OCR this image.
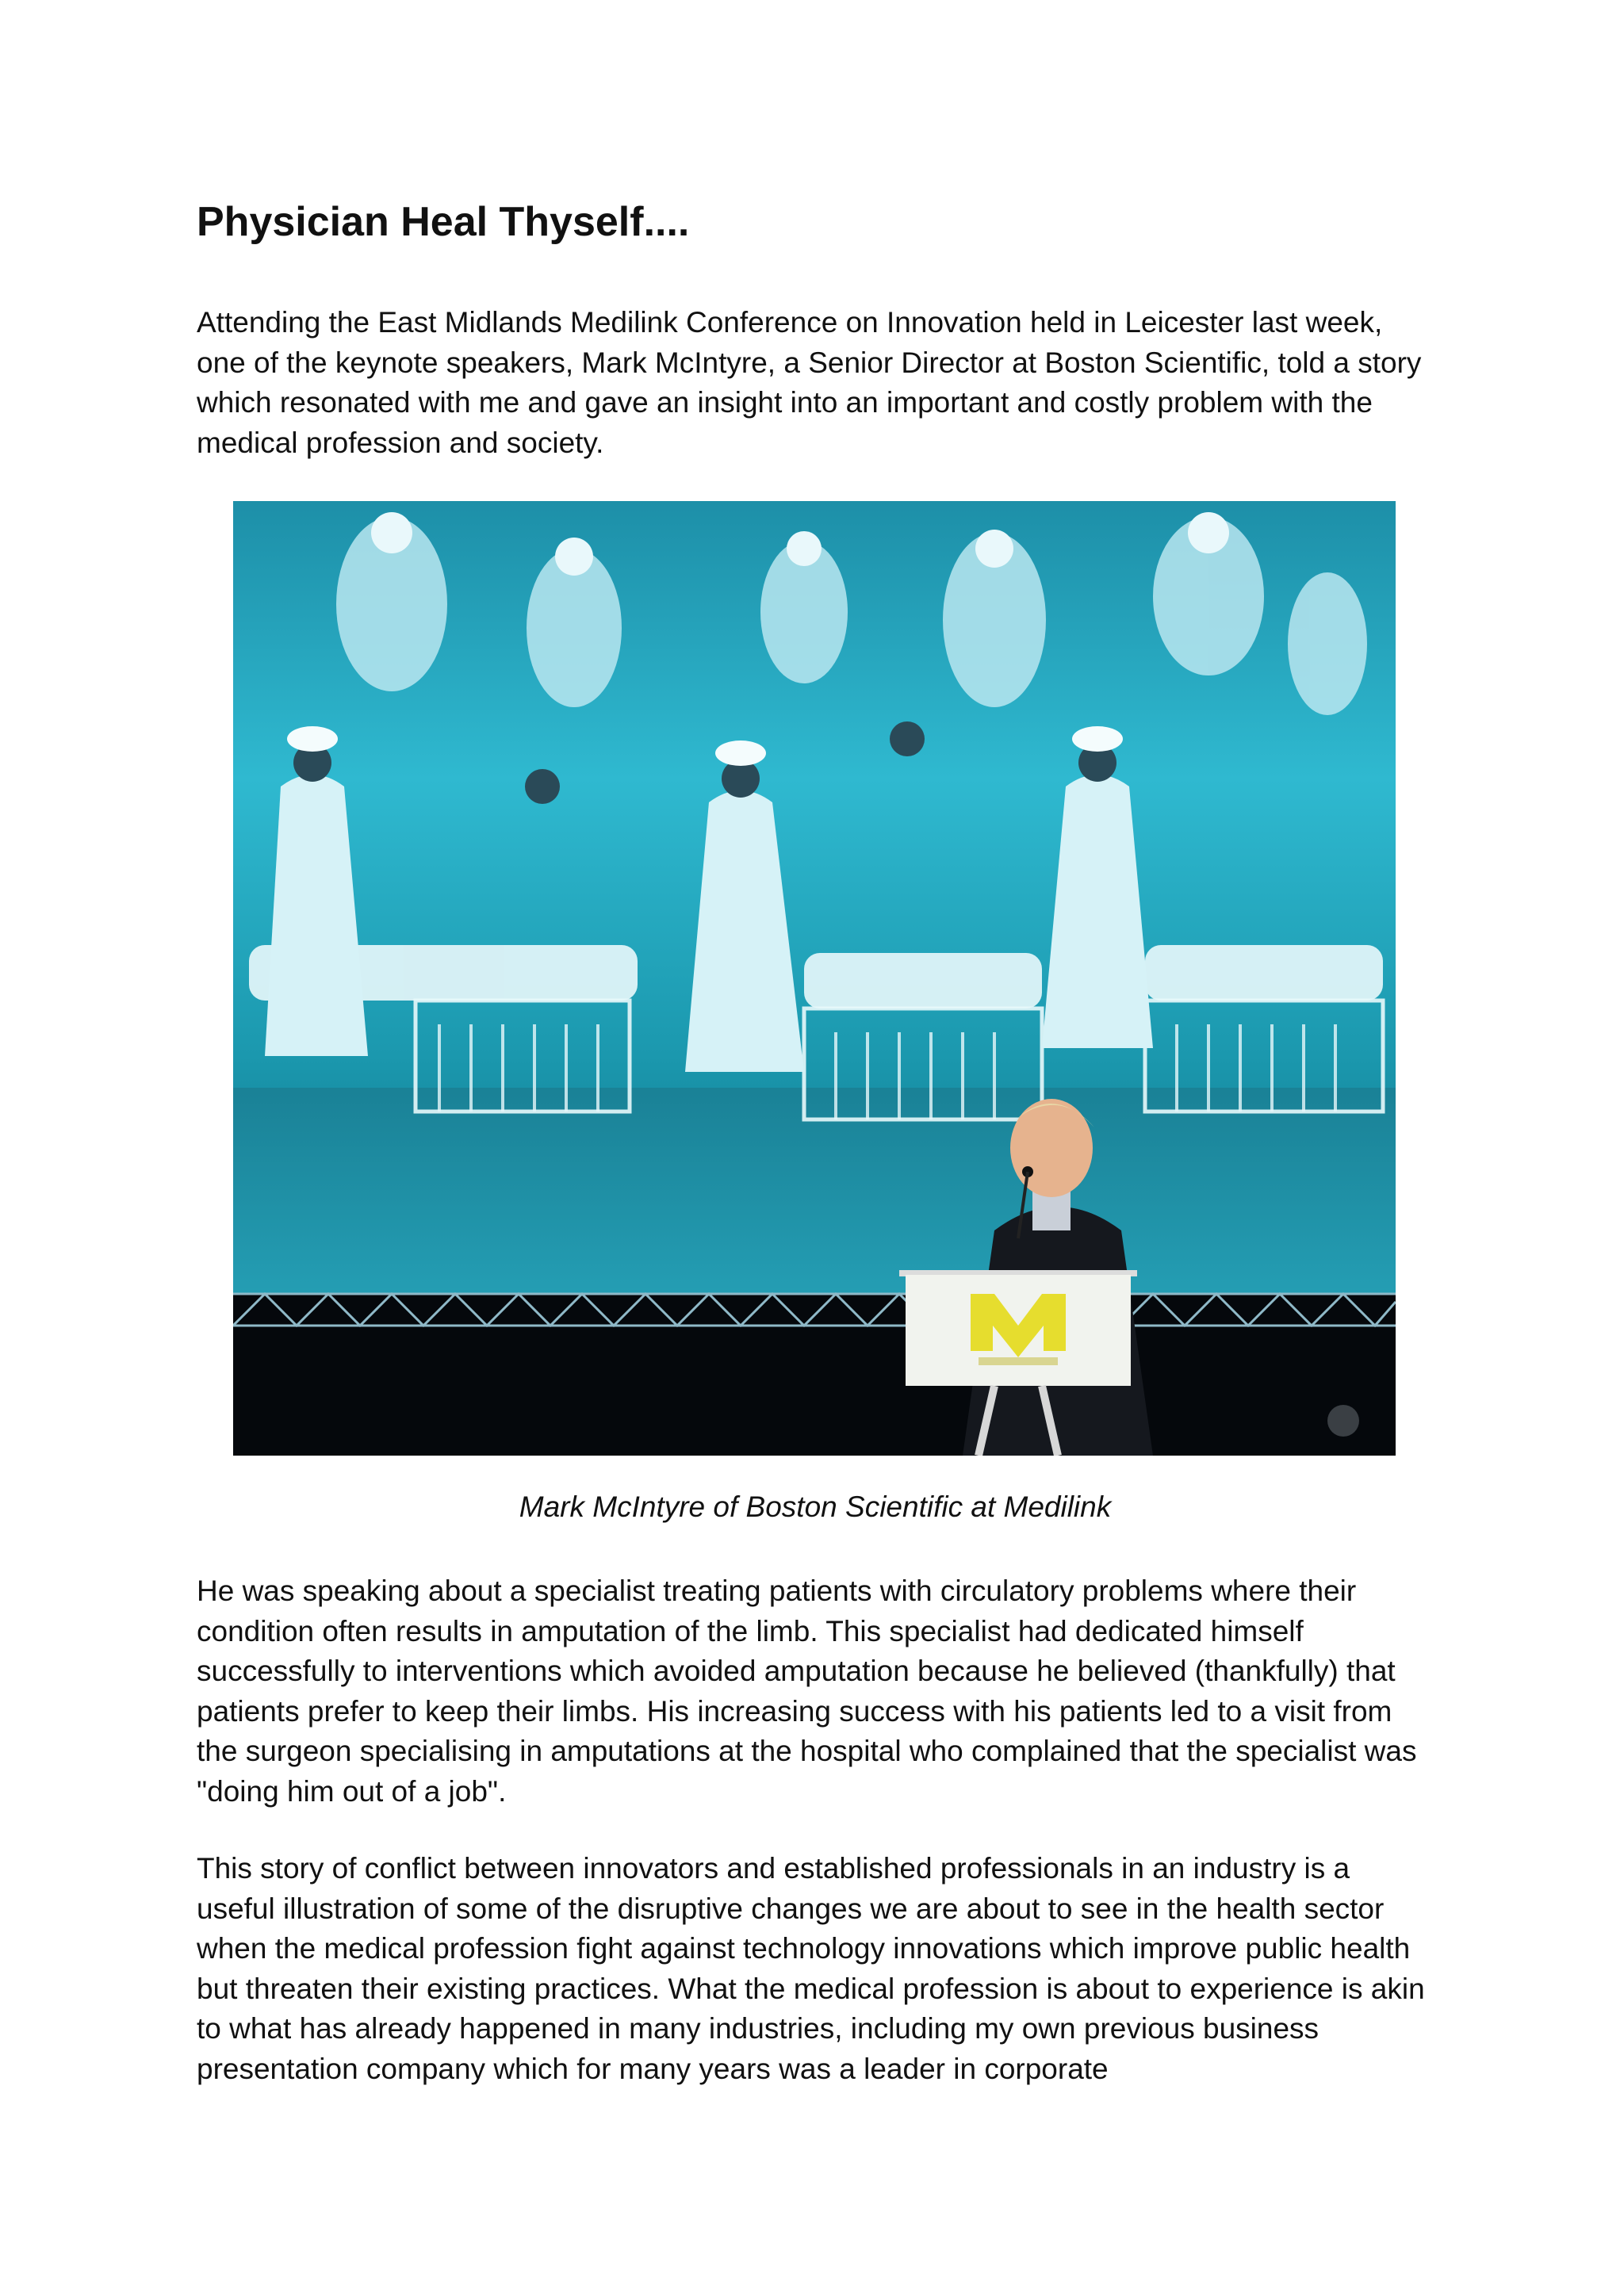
Physician Heal Thyself....

Attending the East Midlands Medilink Conference on Innovation held in Leicester last week, one of the keynote speakers, Mark McIntyre, a Senior Director at Boston Scientific, told a story which resonated with me and gave an insight into an important and costly problem with the medical profession and society.

Mark McIntyre of Boston Scientific at Medilink

He was speaking about a specialist treating patients with circulatory problems where their condition often results in amputation of the limb. This specialist had dedicated himself successfully to interventions which avoided amputation because he believed (thankfully) that patients prefer to keep their limbs. His increasing success with his patients led to a visit from the surgeon specialising in amputations at the hospital who complained that the specialist was "doing him out of a job".

This story of conflict between innovators and established professionals in an industry is a useful illustration of some of the disruptive changes we are about to see in the health sector when the medical profession fight against technology innovations which improve public health but threaten their existing practices. What the medical profession is about to experience is akin to what has already happened in many industries, including my own previous business presentation company which for many years was a leader in corporate
